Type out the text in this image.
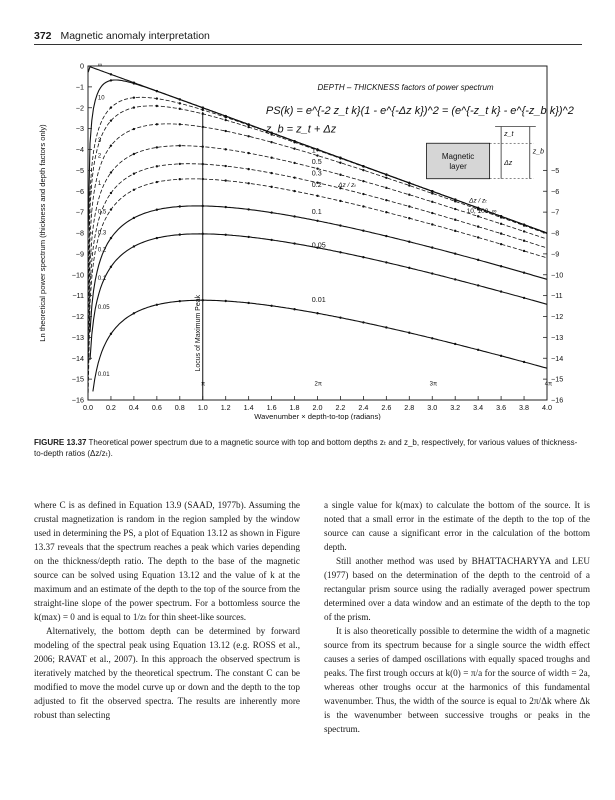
372 Magnetic anomaly interpretation
∞
10
3
2
1
0.5
0.3
0.2
0.1
0.05
0.01
0.0 0.2 0.4 0.6 0.8 1.0 1.2 1.4 1.6 1.8 2.0 2.2 2.4 2.6 2.8 3.0 3.2 3.4 3.6 3.8 4.0
0
−1
−2
−3
−4
−5
−6
−7
−8
−9
−10
−11
−12
−13
−14
−15
−16
−5
−6
−7
−8
−9
−10
−11
−12
−13
−14
−15
−16
Wavenumber × depth-to-top (radians)
Ln theoretical power spectrum (thickness and depth factors only)	Locus of Maximum Peak
1
0.5
0.3
0.2
0.1
0.05
0.01
Δz / zₜ
Δz / zₜ
10, 100, ∞
π	2π	3π	4π
DEPTH – THICKNESS factors of power spectrum
PS(k) = e^{-2 z_t k}(1 - e^{-Δz k})^2 = (e^{-z_t k} - e^{-z_b k})^2
z_b = z_t + Δz
Magnetic
layer
z_t
z_b
Δz
FIGURE 13.37 Theoretical power spectrum due to a magnetic source with top and bottom depths zₜ and z_b, respectively, for various values of thickness-to-depth ratios (Δz/zₜ).

where C is as defined in Equation 13.9 (SAAD, 1977b). Assuming the crustal magnetization is random in the region sampled by the window used in determining the PS, a plot of Equation 13.12 as shown in Figure 13.37 reveals that the spectrum reaches a peak which varies depending on the thickness/depth ratio. The depth to the base of the magnetic source can be solved using Equation 13.12 and the value of k at the maximum and an estimate of the depth to the top of the source from the straight-line slope of the power spectrum. For a bottomless source the k(max) = 0 and is equal to 1/zₜ for thin sheet-like sources.

Alternatively, the bottom depth can be determined by forward modeling of the spectral peak using Equation 13.12 (e.g. ROSS et al., 2006; RAVAT et al., 2007). In this approach the observed spectrum is iteratively matched by the theoretical spectrum. The constant C can be modified to move the model curve up or down and the depth to the top adjusted to fit the observed spectra. The results are inherently more robust than selecting

a single value for k(max) to calculate the bottom of the source. It is noted that a small error in the estimate of the depth to the top of the source can cause a significant error in the calculation of the bottom depth.

Still another method was used by BHATTACHARYYA and LEU (1977) based on the determination of the depth to the centroid of a rectangular prism source using the radially averaged power spectrum determined over a data window and an estimate of the depth to the top of the prism.

It is also theoretically possible to determine the width of a magnetic source from its spectrum because for a single source the width effect causes a series of damped oscillations with equally spaced troughs and peaks. The first trough occurs at k(0) = π/a for the source of width = 2a, whereas other troughs occur at the harmonics of this fundamental wavenumber. Thus, the width of the source is equal to 2π/Δk where Δk is the wavenumber between successive troughs or peaks in the spectrum.
